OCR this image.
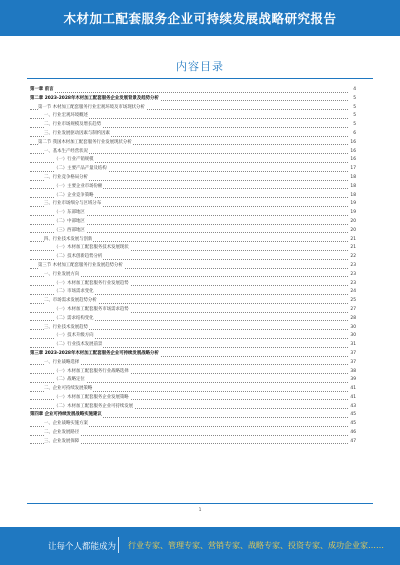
木材加工配套服务企业可持续发展战略研究报告
内容目录
第一章 前言	4
第二章 2023-2028年木材加工配套服务企业发展背景及趋势分析	5
第一节 木材加工配套服务行业宏观环境及市场现状分析	5
一、行业宏观环境概述	5
二、行业市场规模及增长趋势	5
三、行业发展驱动因素与制约因素	6
第二节 我国木材加工配套服务行业发展现状分析	16
一、基本生产经营状况	16
（一）行业产销规模	16
（二）主要产品产量及结构	17
二、行业竞争格局分析	18
（一）主要企业市场份额	18
（二）企业竞争策略	18
三、行业市场细分与区域分布	19
（一）东部地区	19
（二）中部地区	20
（三）西部地区	20
四、行业技术发展与创新	21
（一）木材加工配套服务技术发展现状	21
（二）技术创新趋势分析	22
第三节 木材加工配套服务行业发展趋势分析	23
一、行业发展方向	23
（一）木材加工配套服务行业发展趋势	23
（二）市场需求变化	24
二、市场需求发展趋势分析	25
（一）木材加工配套服务市场需求趋势	27
（二）需求结构变化	28
三、行业技术发展趋势	30
（一）技术升级方向	30
（二）行业技术发展前景	31
第三章 2023-2028年木材加工配套服务企业可持续发展战略分析	37
一、行业战略选择	37
（一）木材加工配套服务行业战略选择	38
（二）战略定位	39
二、企业可持续发展策略	41
（一）木材加工配套服务企业发展策略	41
（二）木材加工配套服务企业可持续发展	43
第四章 企业可持续发展战略实施建议	45
一、企业战略实施方案	45
二、企业发展路径	46
三、企业发展保障	47
1
让每个人都能成为 行业专家、管理专家、营销专家、战略专家、投资专家、成功企业家……
